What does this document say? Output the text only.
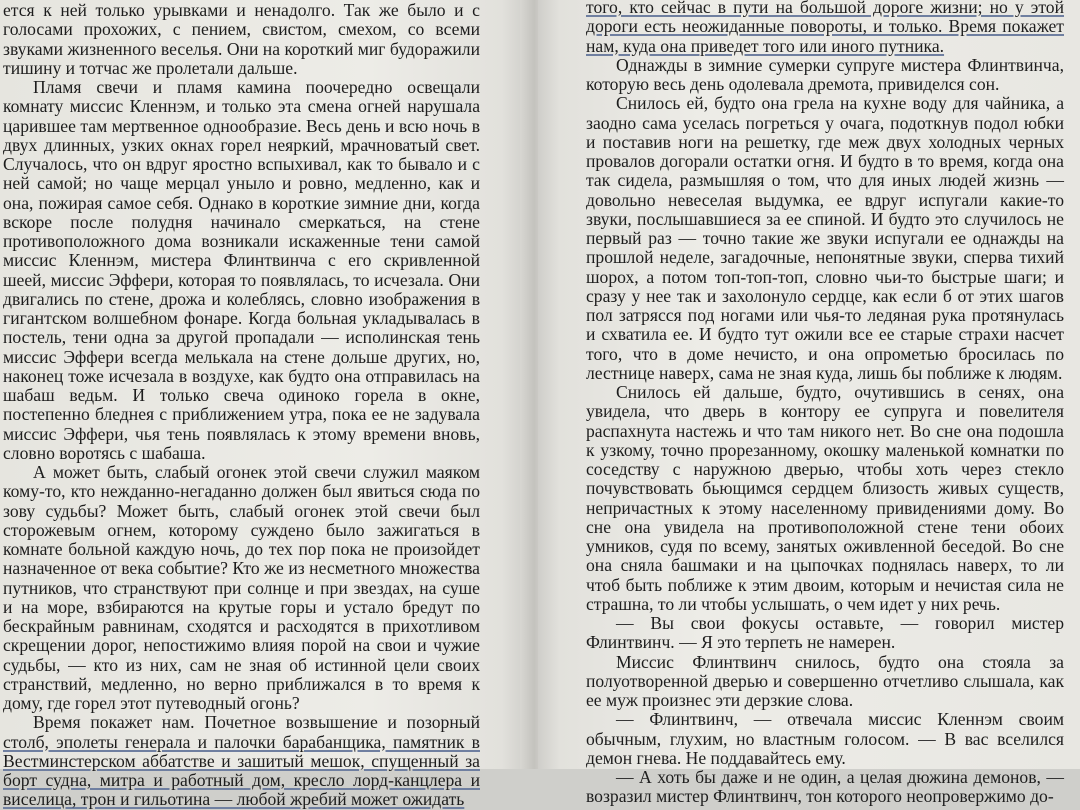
ется к ней только урывками и ненадолго. Так же было и с голосами прохожих, с пением, свистом, смехом, со всеми звуками жизненного веселья. Они на короткий миг будоражили тишину и тотчас же пролетали дальше.

Пламя свечи и пламя камина поочередно освещали комнату миссис Кленнэм, и только эта смена огней нарушала царившее там мертвенное однообразие. Весь день и всю ночь в двух длинных, узких окнах горел неяркий, мрачноватый свет. Случалось, что он вдруг яростно вспыхивал, как то бывало и с ней самой; но чаще мерцал уныло и ровно, медленно, как и она, пожирая самое себя. Однако в короткие зимние дни, когда вскоре после полудня начинало смеркаться, на стене противоположного дома возникали искаженные тени самой миссис Кленнэм, мистера Флинтвинча с его скривленной шеей, миссис Эффери, которая то появлялась, то исчезала. Они двигались по стене, дрожа и колеблясь, словно изображения в гигантском волшебном фонаре. Когда больная укладывалась в постель, тени одна за другой пропадали — исполинская тень миссис Эффери всегда мелькала на стене дольше других, но, наконец тоже исчезала в воздухе, как будто она отправилась на шабаш ведьм. И только свеча одиноко горела в окне, постепенно бледнея с приближением утра, пока ее не задувала миссис Эффери, чья тень появлялась к этому времени вновь, словно воротясь с шабаша.

А может быть, слабый огонек этой свечи служил маяком кому-то, кто нежданно-негаданно должен был явиться сюда по зову судьбы? Может быть, слабый огонек этой свечи был сторожевым огнем, которому суждено было зажигаться в комнате больной каждую ночь, до тех пор пока не произойдет назначенное от века событие? Кто же из несметного множества путников, что странствуют при солнце и при звездах, на суше и на море, взбираются на крутые горы и устало бредут по бескрайным равнинам, сходятся и расходятся в прихотливом скрещении дорог, непостижимо влияя порой на свои и чужие судьбы, — кто из них, сам не зная об истинной цели своих странствий, медленно, но верно приближался в то время к дому, где горел этот путеводный огонь?

Время покажет нам. Почетное возвышение и позорный столб, эполеты генерала и палочки барабанщика, памятник в Вестминстерском аббатстве и зашитый мешок, спущенный за борт судна, митра и работный дом, кресло лорд-канцлера и виселица, трон и гильотина — любой жребий может ожидать

того, кто сейчас в пути на большой дороге жизни; но у этой дороги есть неожиданные повороты, и только. Время покажет нам, куда она приведет того или иного путника.

Однажды в зимние сумерки супруге мистера Флинтвинча, которую весь день одолевала дремота, привиделся сон.

Снилось ей, будто она грела на кухне воду для чайника, а заодно сама уселась погреться у очага, подоткнув подол юбки и поставив ноги на решетку, где меж двух холодных черных провалов догорали остатки огня. И будто в то время, когда она так сидела, размышляя о том, что для иных людей жизнь — довольно невеселая выдумка, ее вдруг испугали какие-то звуки, послышавшиеся за ее спиной. И будто это случилось не первый раз — точно такие же звуки испугали ее однажды на прошлой неделе, загадочные, непонятные звуки, сперва тихий шорох, а потом топ-топ-топ, словно чьи-то быстрые шаги; и сразу у нее так и захолонуло сердце, как если б от этих шагов пол затрясся под ногами или чья-то ледяная рука протянулась и схватила ее. И будто тут ожили все ее старые страхи насчет того, что в доме нечисто, и она опрометью бросилась по лестнице наверх, сама не зная куда, лишь бы поближе к людям.

Снилось ей дальше, будто, очутившись в сенях, она увидела, что дверь в контору ее супруга и повелителя распахнута настежь и что там никого нет. Во сне она подошла к узкому, точно прорезанному, окошку маленькой комнатки по соседству с наружною дверью, чтобы хоть через стекло почувствовать бьющимся сердцем близость живых существ, непричастных к этому населенному привидениями дому. Во сне она увидела на противоположной стене тени обоих умников, судя по всему, занятых оживленной беседой. Во сне она сняла башмаки и на цыпочках поднялась наверх, то ли чтоб быть поближе к этим двоим, которым и нечистая сила не страшна, то ли чтобы услышать, о чем идет у них речь.

— Вы свои фокусы оставьте, — говорил мистер Флинтвинч. — Я это терпеть не намерен.

Миссис Флинтвинч снилось, будто она стояла за полуотворенной дверью и совершенно отчетливо слышала, как ее муж произнес эти дерзкие слова.

— Флинтвинч, — отвечала миссис Кленнэм своим обычным, глухим, но властным голосом. — В вас вселился демон гнева. Не поддавайтесь ему.

— А хоть бы даже и не один, а целая дюжина демонов, — возразил мистер Флинтвинч, тон которого неопровержимо до-
